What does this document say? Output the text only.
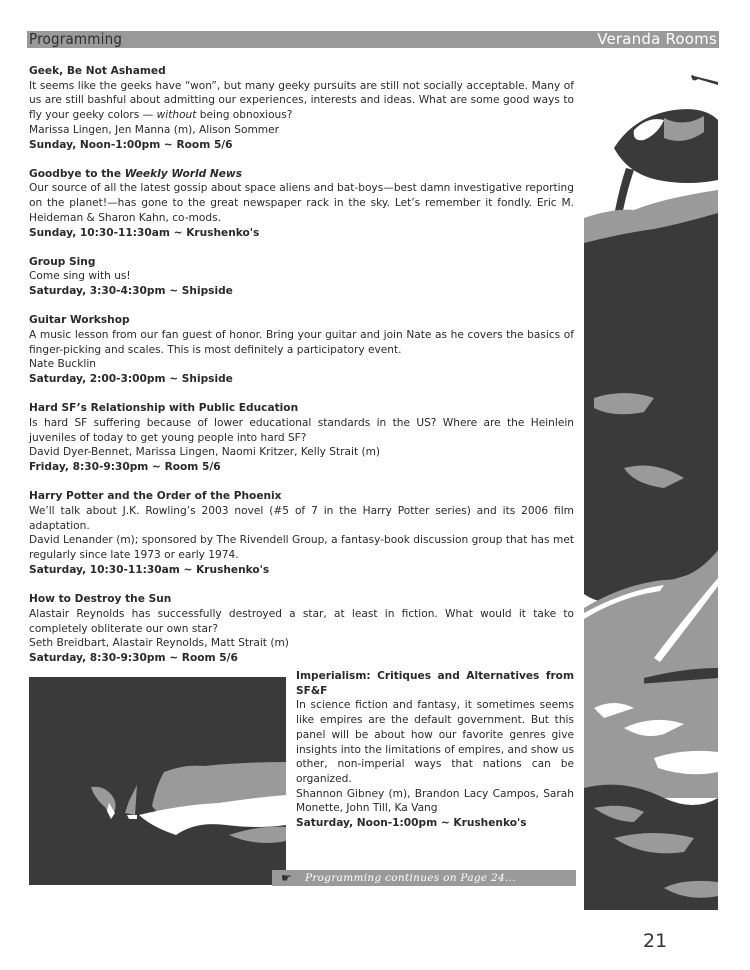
Programming	Veranda Rooms

Geek, Be Not Ashamed

It seems like the geeks have “won”, but many geeky pursuits are still not socially acceptable. Many of us are still bashful about admitting our experiences, interests and ideas. What are some good ways to fly your geeky colors — without being obnoxious?

Marissa Lingen, Jen Manna (m), Alison Sommer

Sunday, Noon-1:00pm ~ Room 5/6

Goodbye to the Weekly World News

Our source of all the latest gossip about space aliens and bat-boys—best damn investigative reporting on the planet!—has gone to the great newspaper rack in the sky. Let’s remember it fondly. Eric M. Heideman & Sharon Kahn, co-mods.

Sunday, 10:30-11:30am ~ Krushenko's

Group Sing

Come sing with us!

Saturday, 3:30-4:30pm ~ Shipside

Guitar Workshop

A music lesson from our fan guest of honor. Bring your guitar and join Nate as he covers the basics of finger-picking and scales. This is most definitely a participatory event.

Nate Bucklin

Saturday, 2:00-3:00pm ~ Shipside

Hard SF’s Relationship with Public Education

Is hard SF suffering because of lower educational standards in the US? Where are the Heinlein juveniles of today to get young people into hard SF?

David Dyer-Bennet, Marissa Lingen, Naomi Kritzer, Kelly Strait (m)

Friday, 8:30-9:30pm ~ Room 5/6

Harry Potter and the Order of the Phoenix

We’ll talk about J.K. Rowling’s 2003 novel (#5 of 7 in the Harry Potter series) and its 2006 film adaptation.

David Lenander (m); sponsored by The Rivendell Group, a fantasy-book discussion group that has met regularly since late 1973 or early 1974.

Saturday, 10:30-11:30am ~ Krushenko's

How to Destroy the Sun

Alastair Reynolds has successfully destroyed a star, at least in fiction. What would it take to completely obliterate our own star?

Seth Breidbart, Alastair Reynolds, Matt Strait (m)

Saturday, 8:30-9:30pm ~ Room 5/6

Imperialism: Critiques and Alternatives from SF&F

In science fiction and fantasy, it sometimes seems like empires are the default government. But this panel will be about how our favorite genres give insights into the limitations of empires, and show us other, non-imperial ways that nations can be organized.

Shannon Gibney (m), Brandon Lacy Campos, Sarah Monette, John Till, Ka Vang

Saturday, Noon-1:00pm ~ Krushenko's

☛	Programming continues on Page 24...
21
